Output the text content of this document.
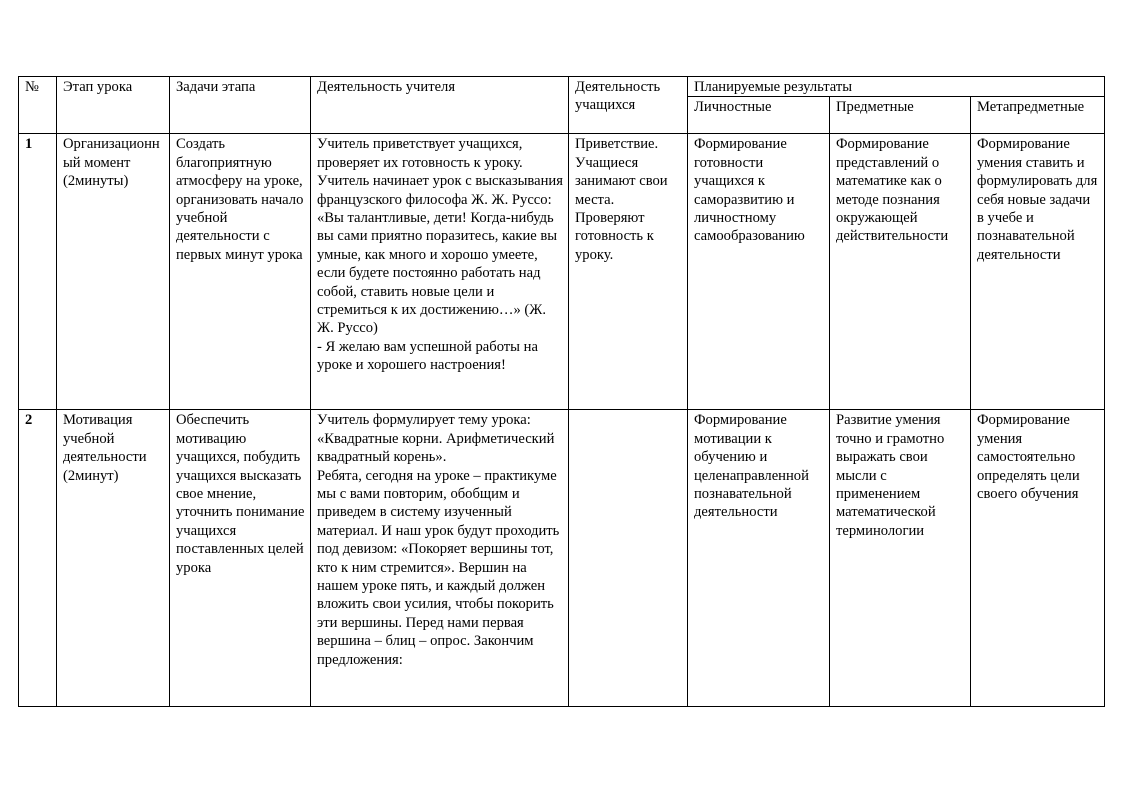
№	Этап урока	Задачи этапа	Деятельность учителя	Деятельность учащихся	Планируемые результаты		
					Личностные	Предметные	Метапредметные
1	Организационный момент (2минуты)	Создать благоприятную атмосферу на уроке, организовать начало учебной деятельности с первых минут урока	Учитель приветствует учащихся, проверяет их готовность к уроку. Учитель начинает урок с высказывания французского философа Ж. Ж. Руссо: «Вы талантливые, дети! Когда-нибудь вы сами приятно поразитесь, какие вы умные, как много и хорошо умеете, если будете постоянно работать над собой, ставить новые цели и стремиться к их достижению…» (Ж. Ж. Руссо)
- Я желаю вам успешной работы на уроке и хорошего настроения!	Приветствие. Учащиеся занимают свои места. Проверяют готовность к уроку.	Формирование готовности учащихся к саморазвитию и личностному самообразованию	Формирование представлений о математике как о методе познания окружающей действительности	Формирование умения ставить и формулировать для себя новые задачи в учебе и познавательной деятельности
2	Мотивация учебной деятельности (2минут)	Обеспечить мотивацию учащихся, побудить учащихся высказать свое мнение, уточнить понимание учащихся поставленных целей урока	Учитель формулирует тему урока: «Квадратные корни. Арифметический квадратный корень».
Ребята, сегодня на уроке – практикуме мы с вами повторим, обобщим и приведем в систему изученный материал. И наш урок будут проходить под девизом: «Покоряет вершины тот, кто к ним стремится». Вершин на нашем уроке пять, и каждый должен вложить свои усилия, чтобы покорить эти вершины. Перед нами первая вершина – блиц – опрос. Закончим предложения:		Формирование мотивации к обучению и целенаправленной познавательной деятельности	Развитие умения точно и грамотно выражать свои мысли с применением математической терминологии	Формирование умения самостоятельно определять цели своего обучения
